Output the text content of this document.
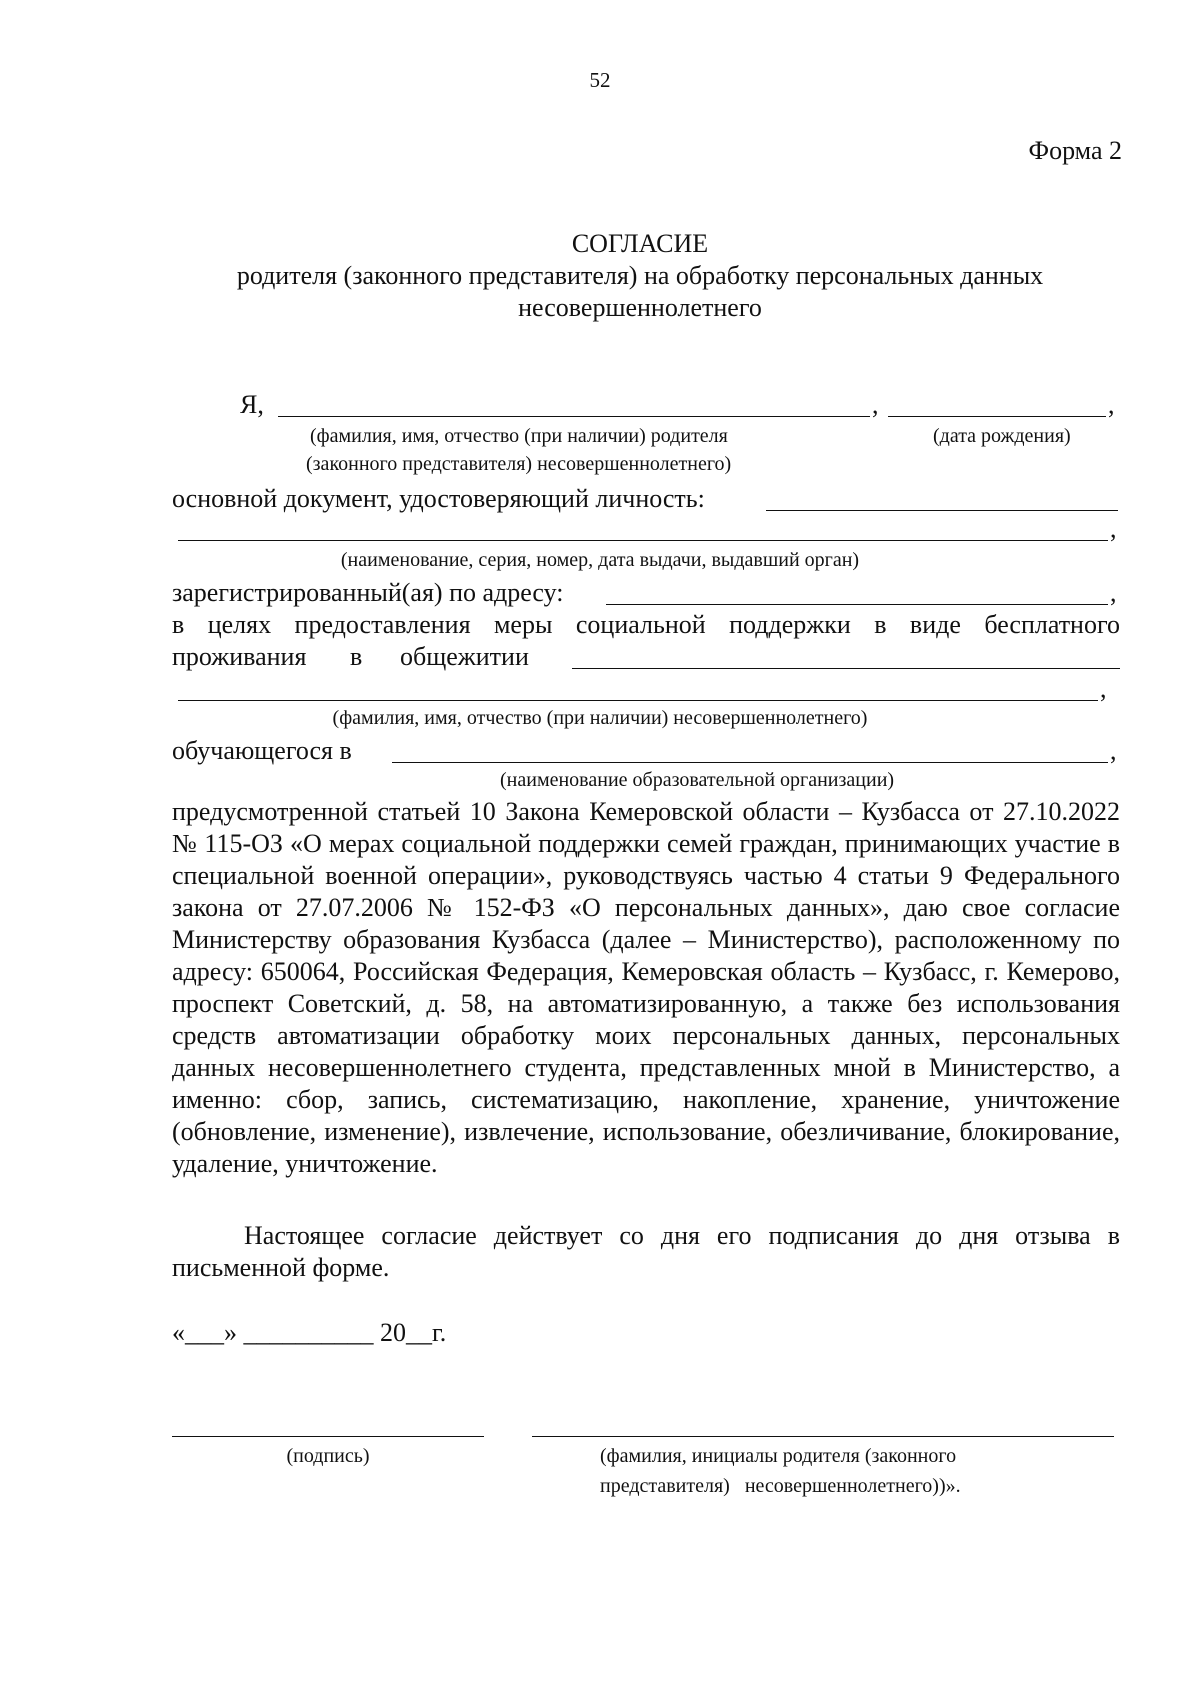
52
Форма 2
СОГЛАСИЕ
родителя (законного представителя) на обработку персональных данных
несовершеннолетнего
Я,	,	,
(фамилия, имя, отчество (при наличии) родителя	(дата рождения)
(законного представителя) несовершеннолетнего)
основной документ, удостоверяющий личность:
,
(наименование, серия, номер, дата выдачи, выдавший орган)
зарегистрированный(ая) по адресу:	,
в целях предоставления меры социальной поддержки в виде бесплатного
проживания в общежитии
,
(фамилия, имя, отчество (при наличии) несовершеннолетнего)
обучающегося в	,
(наименование образовательной организации)
предусмотренной статьей 10 Закона Кемеровской области – Кузбасса от 27.10.2022 № 115-ОЗ «О мерах социальной поддержки семей граждан, принимающих участие в специальной военной операции», руководствуясь частью 4 статьи 9 Федерального закона от 27.07.2006 № 152-ФЗ «О персональных данных», даю свое согласие Министерству образования Кузбасса (далее – Министерство), расположенному по адресу: 650064, Российская Федерация, Кемеровская область – Кузбасс, г. Кемерово, проспект Советский, д. 58, на автоматизированную, а также без использования средств автоматизации обработку моих персональных данных, персональных данных несовершеннолетнего студента, представленных мной в Министерство, а именно: сбор, запись, систематизацию, накопление, хранение, уничтожение (обновление, изменение), извлечение, использование, обезличивание, блокирование, удаление, уничтожение.
Настоящее согласие действует со дня его подписания до дня отзыва в письменной форме.
«___» __________ 20__г.
(подпись)	(фамилия, инициалы родителя (законного
представителя)   несовершеннолетнего))».
